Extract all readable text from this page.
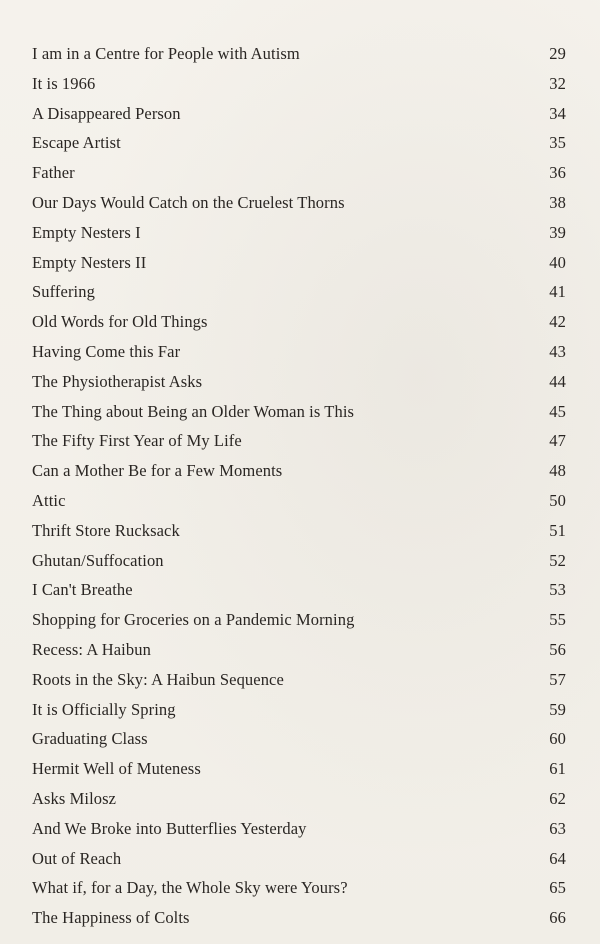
I am in a Centre for People with Autism	29
It is 1966	32
A Disappeared Person	34
Escape Artist	35
Father	36
Our Days Would Catch on the Cruelest Thorns	38
Empty Nesters I	39
Empty Nesters II	40
Suffering	41
Old Words for Old Things	42
Having Come this Far	43
The Physiotherapist Asks	44
The Thing about Being an Older Woman is This	45
The Fifty First Year of My Life	47
Can a Mother Be for a Few Moments	48
Attic	50
Thrift Store Rucksack	51
Ghutan/Suffocation	52
I Can't Breathe	53
Shopping for Groceries on a Pandemic Morning	55
Recess: A Haibun	56
Roots in the Sky: A Haibun Sequence	57
It is Officially Spring	59
Graduating Class	60
Hermit Well of Muteness	61
Asks Milosz	62
And We Broke into Butterflies Yesterday	63
Out of Reach	64
What if, for a Day, the Whole Sky were Yours?	65
The Happiness of Colts	66
